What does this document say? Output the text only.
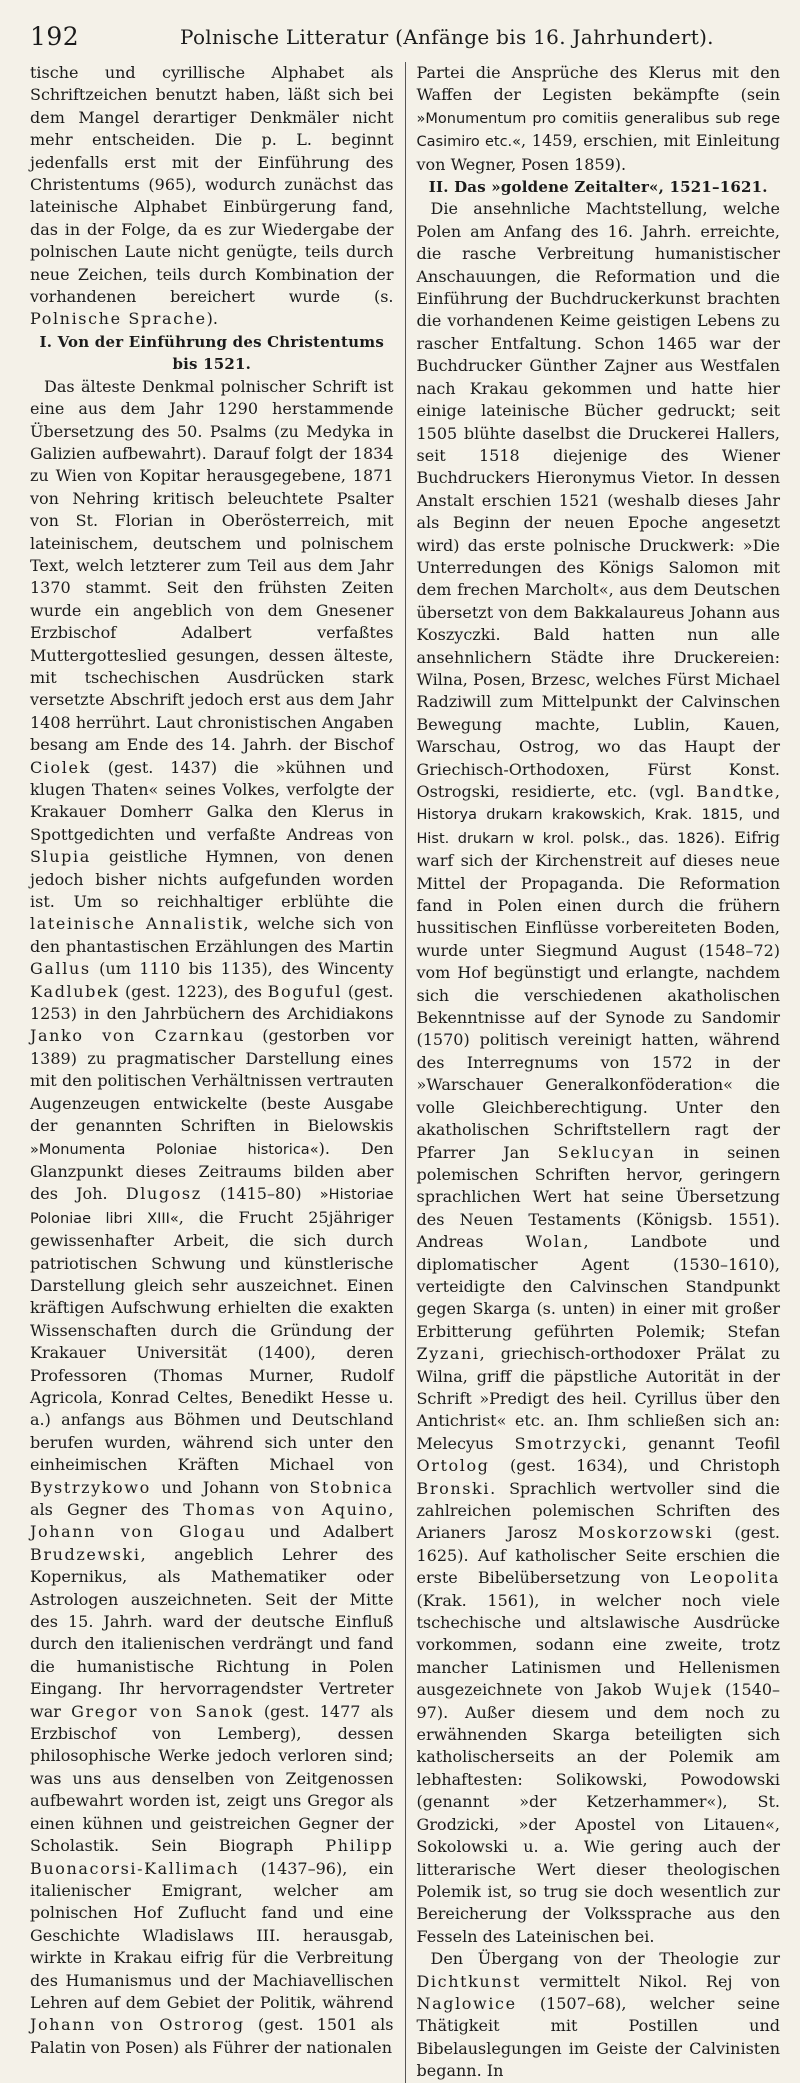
192	Polnische Litteratur (Anfänge bis 16. Jahrhundert).

tische und cyrillische Alphabet als Schriftzeichen benutzt haben, läßt sich bei dem Mangel derartiger Denkmäler nicht mehr entscheiden. Die p. L. beginnt jedenfalls erst mit der Einführung des Christentums (965), wodurch zunächst das lateinische Alphabet Einbürgerung fand, das in der Folge, da es zur Wiedergabe der polnischen Laute nicht genügte, teils durch neue Zeichen, teils durch Kombination der vorhandenen bereichert wurde (s. Polnische Sprache).

I. Von der Einführung des Christentums bis 1521.

Das älteste Denkmal polnischer Schrift ist eine aus dem Jahr 1290 herstammende Übersetzung des 50. Psalms (zu Medyka in Galizien aufbewahrt). Darauf folgt der 1834 zu Wien von Kopitar herausgegebene, 1871 von Nehring kritisch beleuchtete Psalter von St. Florian in Oberösterreich, mit lateinischem, deutschem und polnischem Text, welch letzterer zum Teil aus dem Jahr 1370 stammt. Seit den frühsten Zeiten wurde ein angeblich von dem Gnesener Erzbischof Adalbert verfaßtes Muttergotteslied gesungen, dessen älteste, mit tschechischen Ausdrücken stark versetzte Abschrift jedoch erst aus dem Jahr 1408 herrührt. Laut chronistischen Angaben besang am Ende des 14. Jahrh. der Bischof Ciolek (gest. 1437) die »kühnen und klugen Thaten« seines Volkes, verfolgte der Krakauer Domherr Galka den Klerus in Spottgedichten und verfaßte Andreas von Slupia geistliche Hymnen, von denen jedoch bisher nichts aufgefunden worden ist. Um so reichhaltiger erblühte die lateinische Annalistik, welche sich von den phantastischen Erzählungen des Martin Gallus (um 1110 bis 1135), des Wincenty Kadlubek (gest. 1223), des Boguful (gest. 1253) in den Jahrbüchern des Archidiakons Janko von Czarnkau (gestorben vor 1389) zu pragmatischer Darstellung eines mit den politischen Verhältnissen vertrauten Augenzeugen entwickelte (beste Ausgabe der genannten Schriften in Bielowskis »Monumenta Poloniae historica«). Den Glanzpunkt dieses Zeitraums bilden aber des Joh. Dlugosz (1415–80) »Historiae Poloniae libri XIII«, die Frucht 25jähriger gewissenhafter Arbeit, die sich durch patriotischen Schwung und künstlerische Darstellung gleich sehr auszeichnet. Einen kräftigen Aufschwung erhielten die exakten Wissenschaften durch die Gründung der Krakauer Universität (1400), deren Professoren (Thomas Murner, Rudolf Agricola, Konrad Celtes, Benedikt Hesse u. a.) anfangs aus Böhmen und Deutschland berufen wurden, während sich unter den einheimischen Kräften Michael von Bystrzykowo und Johann von Stobnica als Gegner des Thomas von Aquino, Johann von Glogau und Adalbert Brudzewski, angeblich Lehrer des Kopernikus, als Mathematiker oder Astrologen auszeichneten. Seit der Mitte des 15. Jahrh. ward der deutsche Einfluß durch den italienischen verdrängt und fand die humanistische Richtung in Polen Eingang. Ihr hervorragendster Vertreter war Gregor von Sanok (gest. 1477 als Erzbischof von Lemberg), dessen philosophische Werke jedoch verloren sind; was uns aus denselben von Zeitgenossen aufbewahrt worden ist, zeigt uns Gregor als einen kühnen und geistreichen Gegner der Scholastik. Sein Biograph Philipp Buonacorsi-Kallimach (1437–96), ein italienischer Emigrant, welcher am polnischen Hof Zuflucht fand und eine Geschichte Wladislaws III. herausgab, wirkte in Krakau eifrig für die Verbreitung des Humanismus und der Machiavellischen Lehren auf dem Gebiet der Politik, während Johann von Ostrorog (gest. 1501 als Palatin von Posen) als Führer der nationalen

Partei die Ansprüche des Klerus mit den Waffen der Legisten bekämpfte (sein »Monumentum pro comitiis generalibus sub rege Casimiro etc.«, 1459, erschien, mit Einleitung von Wegner, Posen 1859).

II. Das »goldene Zeitalter«, 1521–1621.

Die ansehnliche Machtstellung, welche Polen am Anfang des 16. Jahrh. erreichte, die rasche Verbreitung humanistischer Anschauungen, die Reformation und die Einführung der Buchdruckerkunst brachten die vorhandenen Keime geistigen Lebens zu rascher Entfaltung. Schon 1465 war der Buchdrucker Günther Zajner aus Westfalen nach Krakau gekommen und hatte hier einige lateinische Bücher gedruckt; seit 1505 blühte daselbst die Druckerei Hallers, seit 1518 diejenige des Wiener Buchdruckers Hieronymus Vietor. In dessen Anstalt erschien 1521 (weshalb dieses Jahr als Beginn der neuen Epoche angesetzt wird) das erste polnische Druckwerk: »Die Unterredungen des Königs Salomon mit dem frechen Marcholt«, aus dem Deutschen übersetzt von dem Bakkalaureus Johann aus Koszyczki. Bald hatten nun alle ansehnlichern Städte ihre Druckereien: Wilna, Posen, Brzesc, welches Fürst Michael Radziwill zum Mittelpunkt der Calvinschen Bewegung machte, Lublin, Kauen, Warschau, Ostrog, wo das Haupt der Griechisch-Orthodoxen, Fürst Konst. Ostrogski, residierte, etc. (vgl. Bandtke, Historya drukarn krakowskich, Krak. 1815, und Hist. drukarn w krol. polsk., das. 1826). Eifrig warf sich der Kirchenstreit auf dieses neue Mittel der Propaganda. Die Reformation fand in Polen einen durch die frühern hussitischen Einflüsse vorbereiteten Boden, wurde unter Siegmund August (1548–72) vom Hof begünstigt und erlangte, nachdem sich die verschiedenen akatholischen Bekenntnisse auf der Synode zu Sandomir (1570) politisch vereinigt hatten, während des Interregnums von 1572 in der »Warschauer Generalkonföderation« die volle Gleichberechtigung. Unter den akatholischen Schriftstellern ragt der Pfarrer Jan Seklucyan in seinen polemischen Schriften hervor, geringern sprachlichen Wert hat seine Übersetzung des Neuen Testaments (Königsb. 1551). Andreas Wolan, Landbote und diplomatischer Agent (1530–1610), verteidigte den Calvinschen Standpunkt gegen Skarga (s. unten) in einer mit großer Erbitterung geführten Polemik; Stefan Zyzani, griechisch-orthodoxer Prälat zu Wilna, griff die päpstliche Autorität in der Schrift »Predigt des heil. Cyrillus über den Antichrist« etc. an. Ihm schließen sich an: Melecyus Smotrzycki, genannt Teofil Ortolog (gest. 1634), und Christoph Bronski. Sprachlich wertvoller sind die zahlreichen polemischen Schriften des Arianers Jarosz Moskorzowski (gest. 1625). Auf katholischer Seite erschien die erste Bibelübersetzung von Leopolita (Krak. 1561), in welcher noch viele tschechische und altslawische Ausdrücke vorkommen, sodann eine zweite, trotz mancher Latinismen und Hellenismen ausgezeichnete von Jakob Wujek (1540–97). Außer diesem und dem noch zu erwähnenden Skarga beteiligten sich katholischerseits an der Polemik am lebhaftesten: Solikowski, Powodowski (genannt »der Ketzerhammer«), St. Grodzicki, »der Apostel von Litauen«, Sokolowski u. a. Wie gering auch der litterarische Wert dieser theologischen Polemik ist, so trug sie doch wesentlich zur Bereicherung der Volkssprache aus den Fesseln des Lateinischen bei.

Den Übergang von der Theologie zur Dichtkunst vermittelt Nikol. Rej von Naglowice (1507–68), welcher seine Thätigkeit mit Postillen und Bibelauslegungen im Geiste der Calvinisten begann. In
